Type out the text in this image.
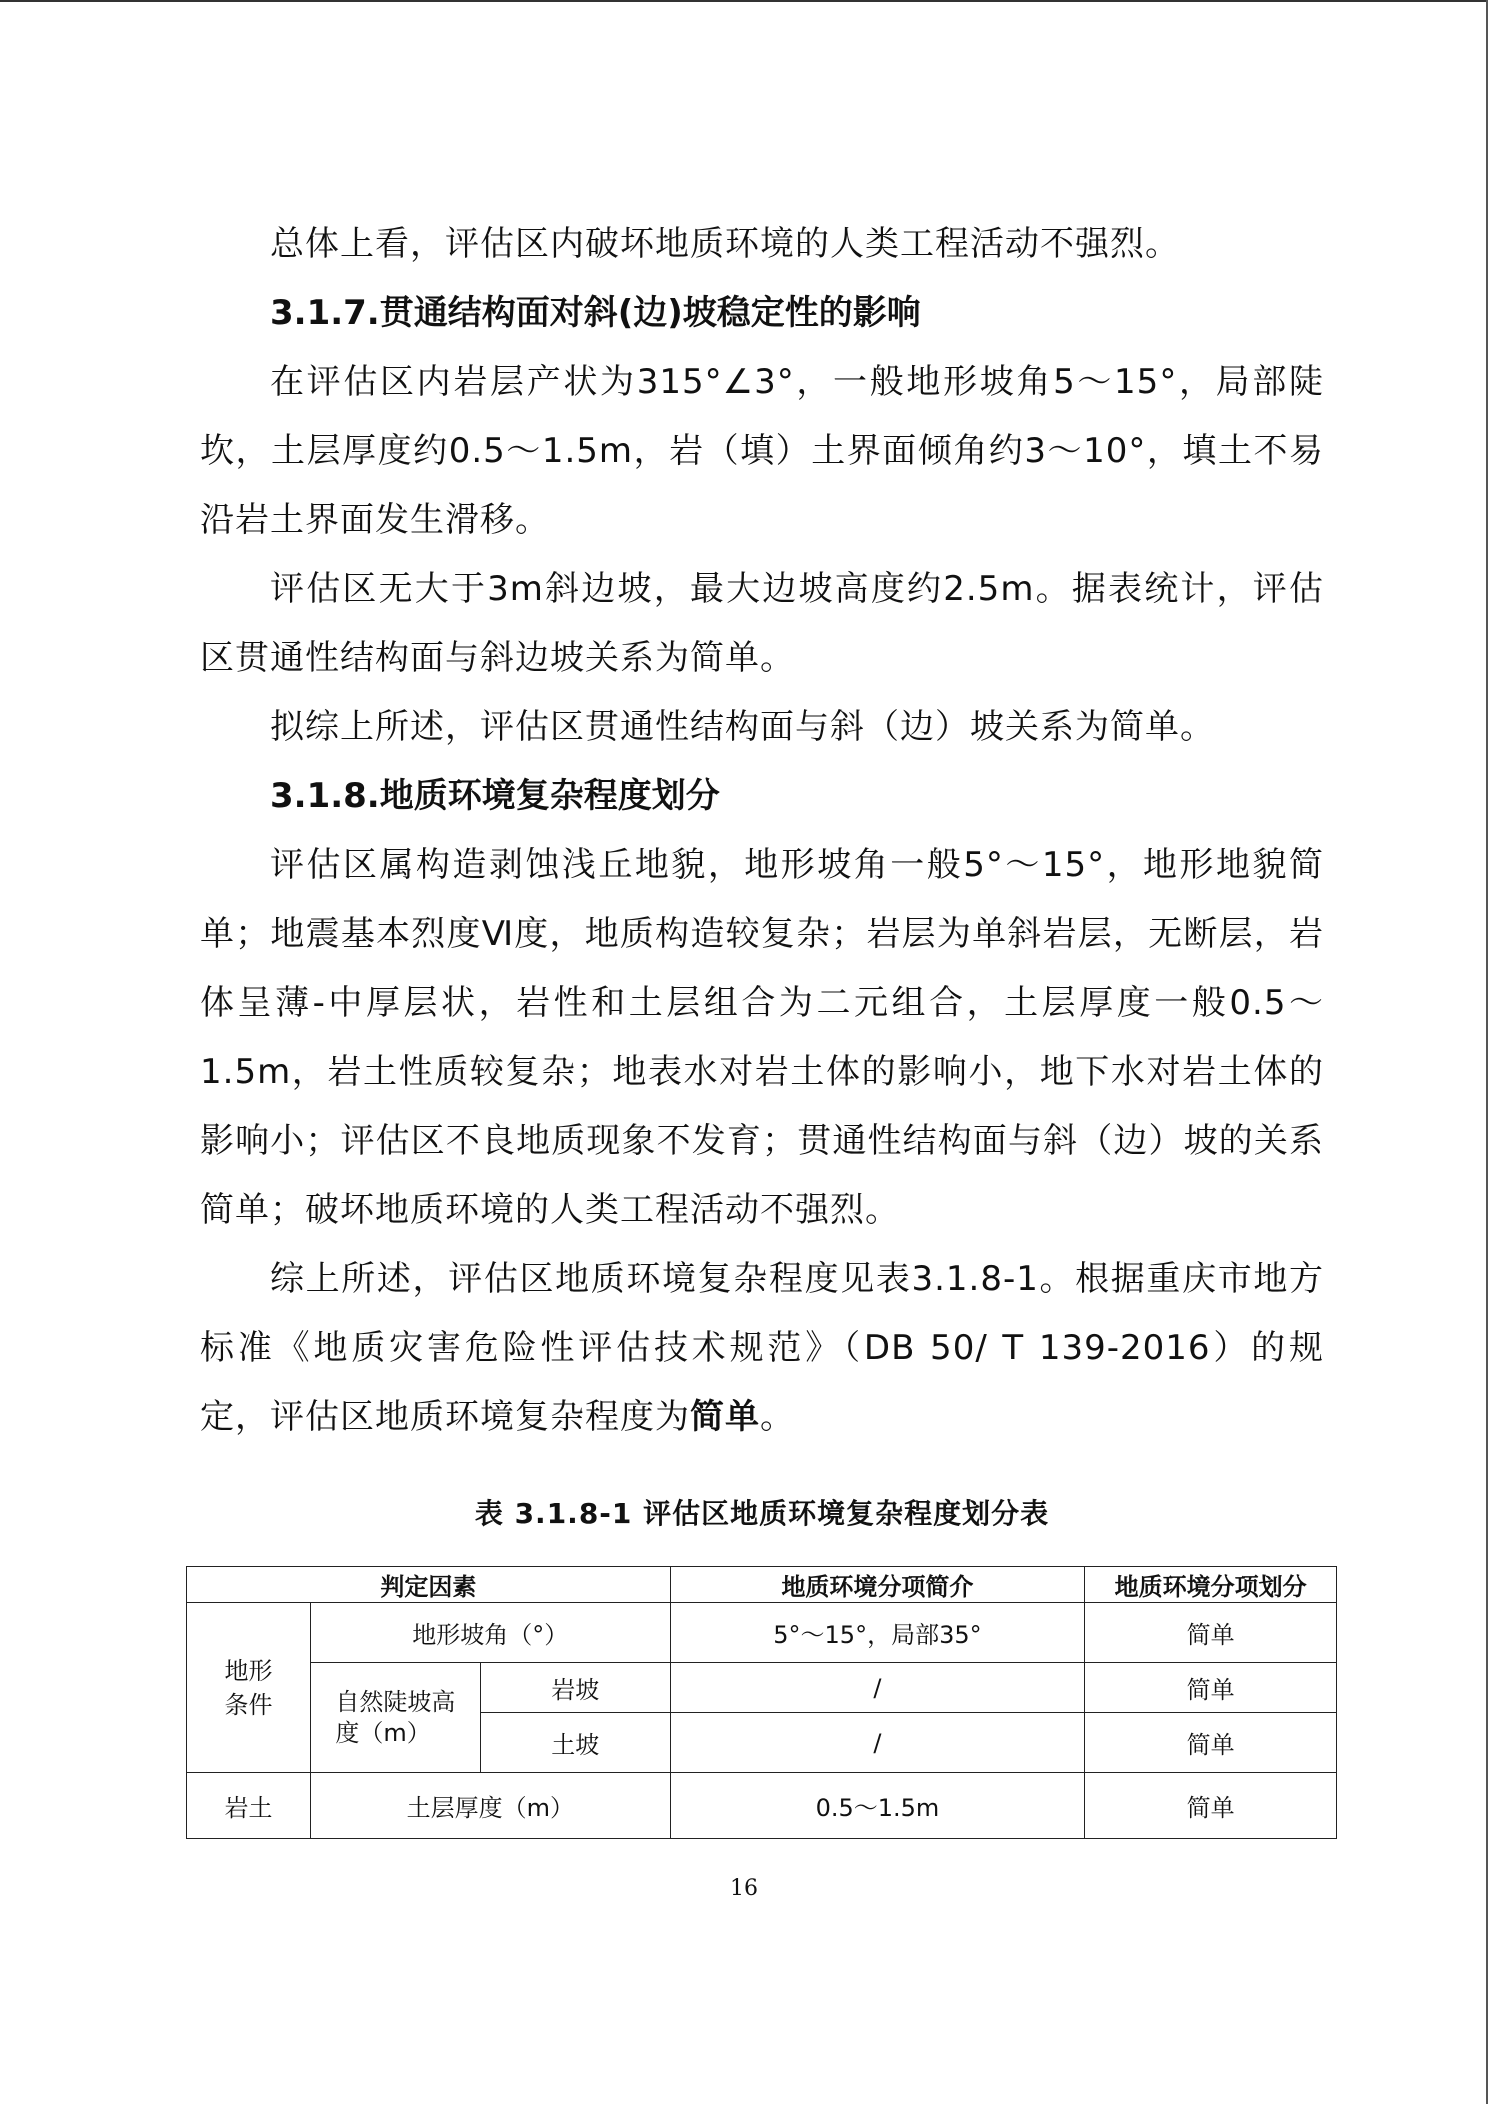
总体上看，评估区内破坏地质环境的人类工程活动不强烈。

3.1.7.贯通结构面对斜(边)坡稳定性的影响

在评估区内岩层产状为315°∠3°，一般地形坡角5～15°，局部陡坎，土层厚度约0.5～1.5m，岩（填）土界面倾角约3～10°，填土不易沿岩土界面发生滑移。

评估区无大于3m斜边坡，最大边坡高度约2.5m。据表统计，评估区贯通性结构面与斜边坡关系为简单。

拟综上所述，评估区贯通性结构面与斜（边）坡关系为简单。

3.1.8.地质环境复杂程度划分

评估区属构造剥蚀浅丘地貌，地形坡角一般5°～15°，地形地貌简单；地震基本烈度Ⅵ度，地质构造较复杂；岩层为单斜岩层，无断层，岩体呈薄-中厚层状，岩性和土层组合为二元组合，土层厚度一般0.5～1.5m，岩土性质较复杂；地表水对岩土体的影响小，地下水对岩土体的影响小；评估区不良地质现象不发育；贯通性结构面与斜（边）坡的关系简单；破坏地质环境的人类工程活动不强烈。

综上所述，评估区地质环境复杂程度见表3.1.8-1。根据重庆市地方标准《地质灾害危险性评估技术规范》（DB 50/ T 139-2016）的规定，评估区地质环境复杂程度为简单。

表 3.1.8-1 评估区地质环境复杂程度划分表
判定因素			地质环境分项简介	地质环境分项划分

地形条件	地形坡角（°）		5°～15°，局部35°	简单

	自然陡坡高度（m）	岩坡	/	简单
		土坡	/	简单
岩土	土层厚度（m）		0.5～1.5m	简单
16
